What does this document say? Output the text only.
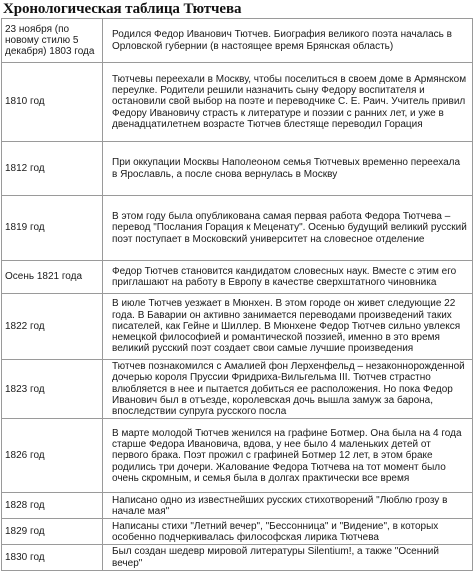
Хронологическая таблица Тютчева
23 ноября (по новому стилю 5 декабря) 1803 года	Родился Федор Иванович Тютчев. Биография великого поэта началась в Орловской губернии (в настоящее время Брянская область)
1810 год	Тютчевы переехали в Москву, чтобы поселиться в своем доме в Армянском переулке. Родители решили назначить сыну Федору воспитателя и остановили свой выбор на поэте и переводчике С. Е. Раич. Учитель привил Федору Ивановичу страсть к литературе и поэзии с ранних лет, и уже в двенадцатилетнем возрасте Тютчев блестяще переводил Горация
1812 год	При оккупации Москвы Наполеоном семья Тютчевых временно переехала в Ярославль, а после снова вернулась в Москву
1819 год	В этом году была опубликована самая первая работа Федора Тютчева – перевод "Послания Горация к Меценату". Осенью будущий великий русский поэт поступает в Московский университет на словесное отделение
Осень 1821 года	Федор Тютчев становится кандидатом словесных наук. Вместе с этим его приглашают на работу в Европу в качестве сверхштатного чиновника
1822 год	В июле Тютчев уезжает в Мюнхен. В этом городе он живет следующие 22 года. В Баварии он активно занимается переводами произведений таких писателей, как Гейне и Шиллер. В Мюнхене Федор Тютчев сильно увлекся немецкой философией и романтической поэзией, именно в это время великий русский поэт создает свои самые лучшие произведения
1823 год	Тютчев познакомился с Амалией фон Лерхенфельд – незаконнорожденной дочерью короля Пруссии Фридриха-Вильгельма III. Тютчев страстно влюбляется в нее и пытается добиться ее расположения. Но пока Федор Иванович был в отъезде, королевская дочь вышла замуж за барона, впоследствии супруга русского посла
1826 год	В марте молодой Тютчев женился на графине Ботмер. Она была на 4 года старше Федора Ивановича, вдова, у нее было 4 маленьких детей от первого брака. Поэт прожил с графиней Ботмер 12 лет, в этом браке родились три дочери. Жалование Федора Тютчева на тот момент было очень скромным, и семья была в долгах практически все время
1828 год	Написано одно из известнейших русских стихотворений "Люблю грозу в начале мая"
1829 год	Написаны стихи "Летний вечер", "Бессонница" и "Видение", в которых особенно подчеркивалась философская лирика Тютчева
1830 год	Был создан шедевр мировой литературы Silentium!, а также "Осенний вечер"
